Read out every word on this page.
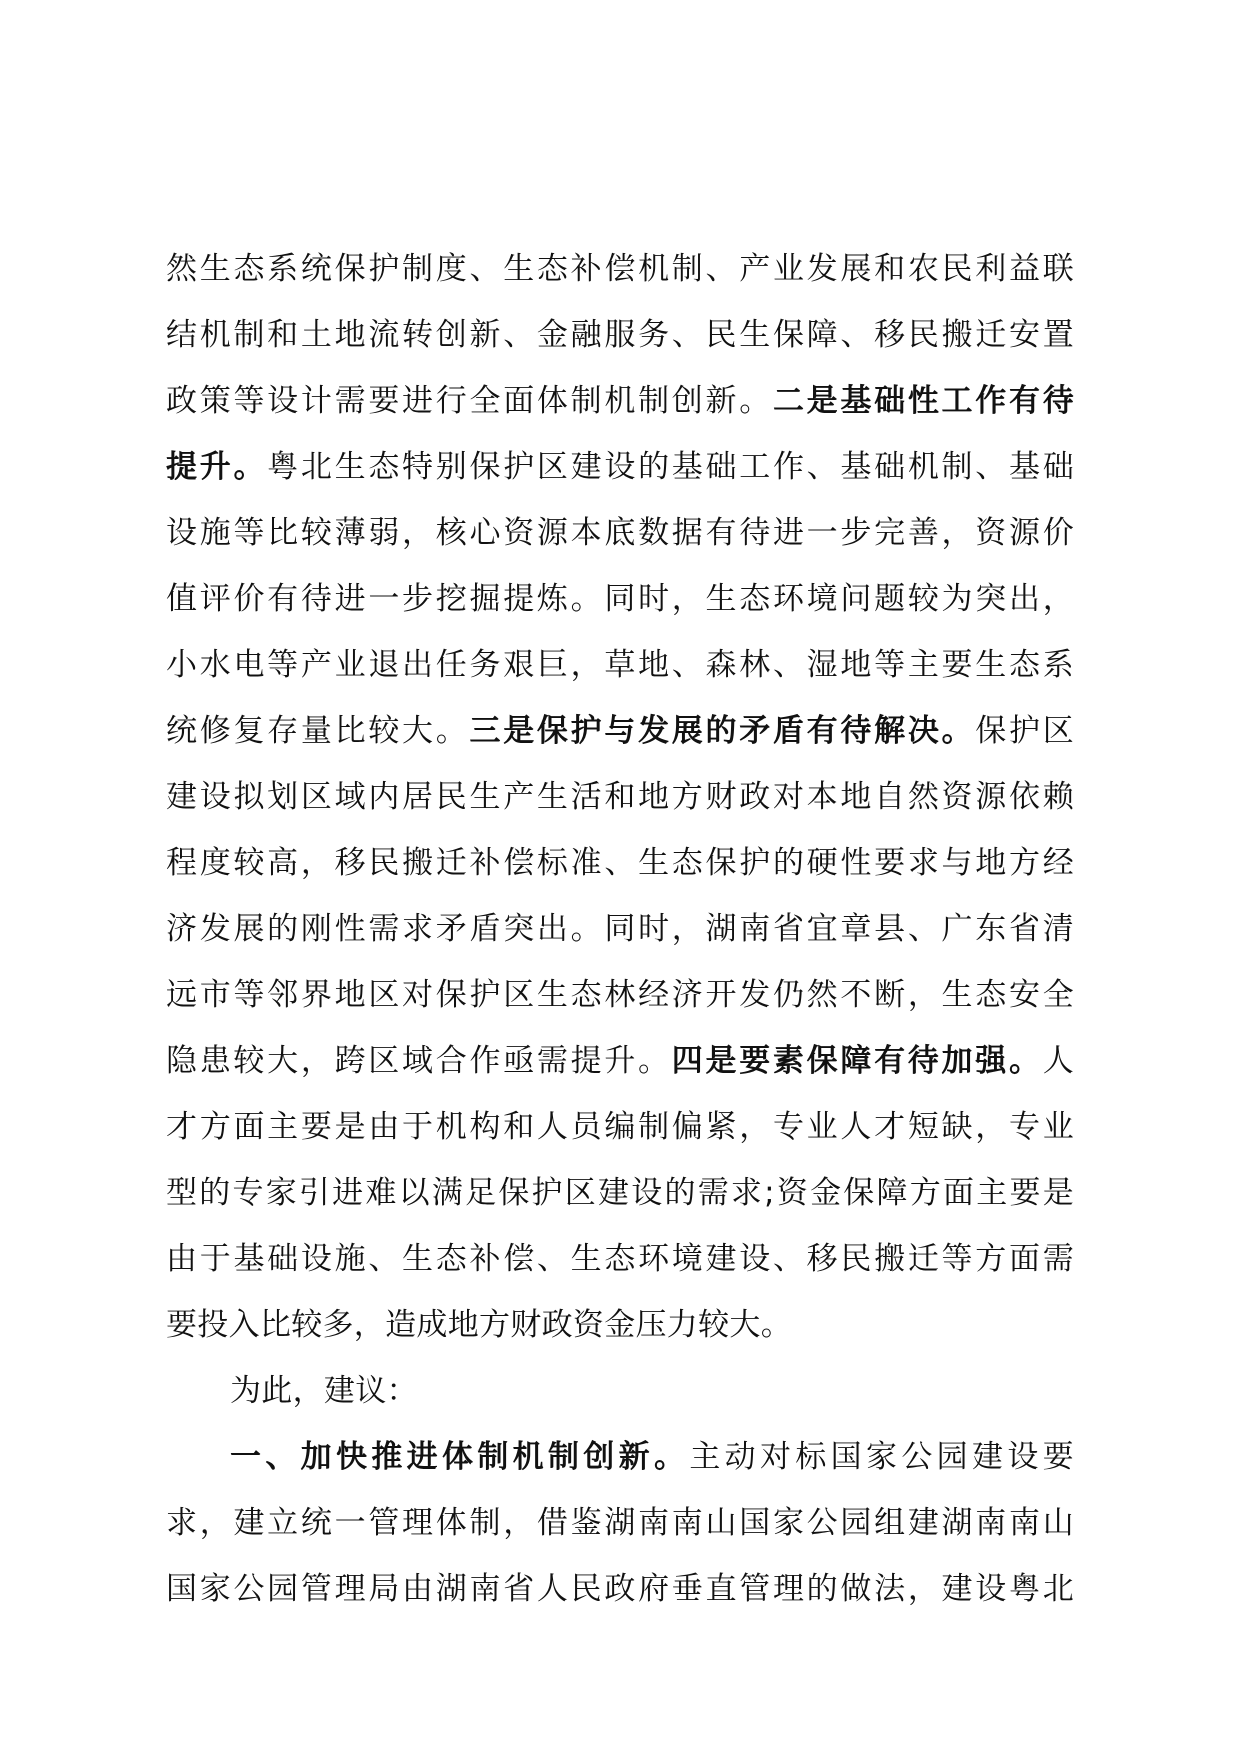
然生态系统保护制度、生态补偿机制、产业发展和农民利益联
结机制和土地流转创新、金融服务、民生保障、移民搬迁安置
政策等设计需要进行全面体制机制创新。二是基础性工作有待
提升。粤北生态特别保护区建设的基础工作、基础机制、基础
设施等比较薄弱，核心资源本底数据有待进一步完善，资源价
值评价有待进一步挖掘提炼。同时，生态环境问题较为突出，
小水电等产业退出任务艰巨，草地、森林、湿地等主要生态系
统修复存量比较大。三是保护与发展的矛盾有待解决。保护区
建设拟划区域内居民生产生活和地方财政对本地自然资源依赖
程度较高，移民搬迁补偿标准、生态保护的硬性要求与地方经
济发展的刚性需求矛盾突出。同时，湖南省宜章县、广东省清
远市等邻界地区对保护区生态林经济开发仍然不断，生态安全
隐患较大，跨区域合作亟需提升。四是要素保障有待加强。人
才方面主要是由于机构和人员编制偏紧，专业人才短缺，专业
型的专家引进难以满足保护区建设的需求;资金保障方面主要是
由于基础设施、生态补偿、生态环境建设、移民搬迁等方面需
要投入比较多，造成地方财政资金压力较大。
为此，建议：
一、加快推进体制机制创新。主动对标国家公园建设要
求，建立统一管理体制，借鉴湖南南山国家公园组建湖南南山
国家公园管理局由湖南省人民政府垂直管理的做法，建设粤北
